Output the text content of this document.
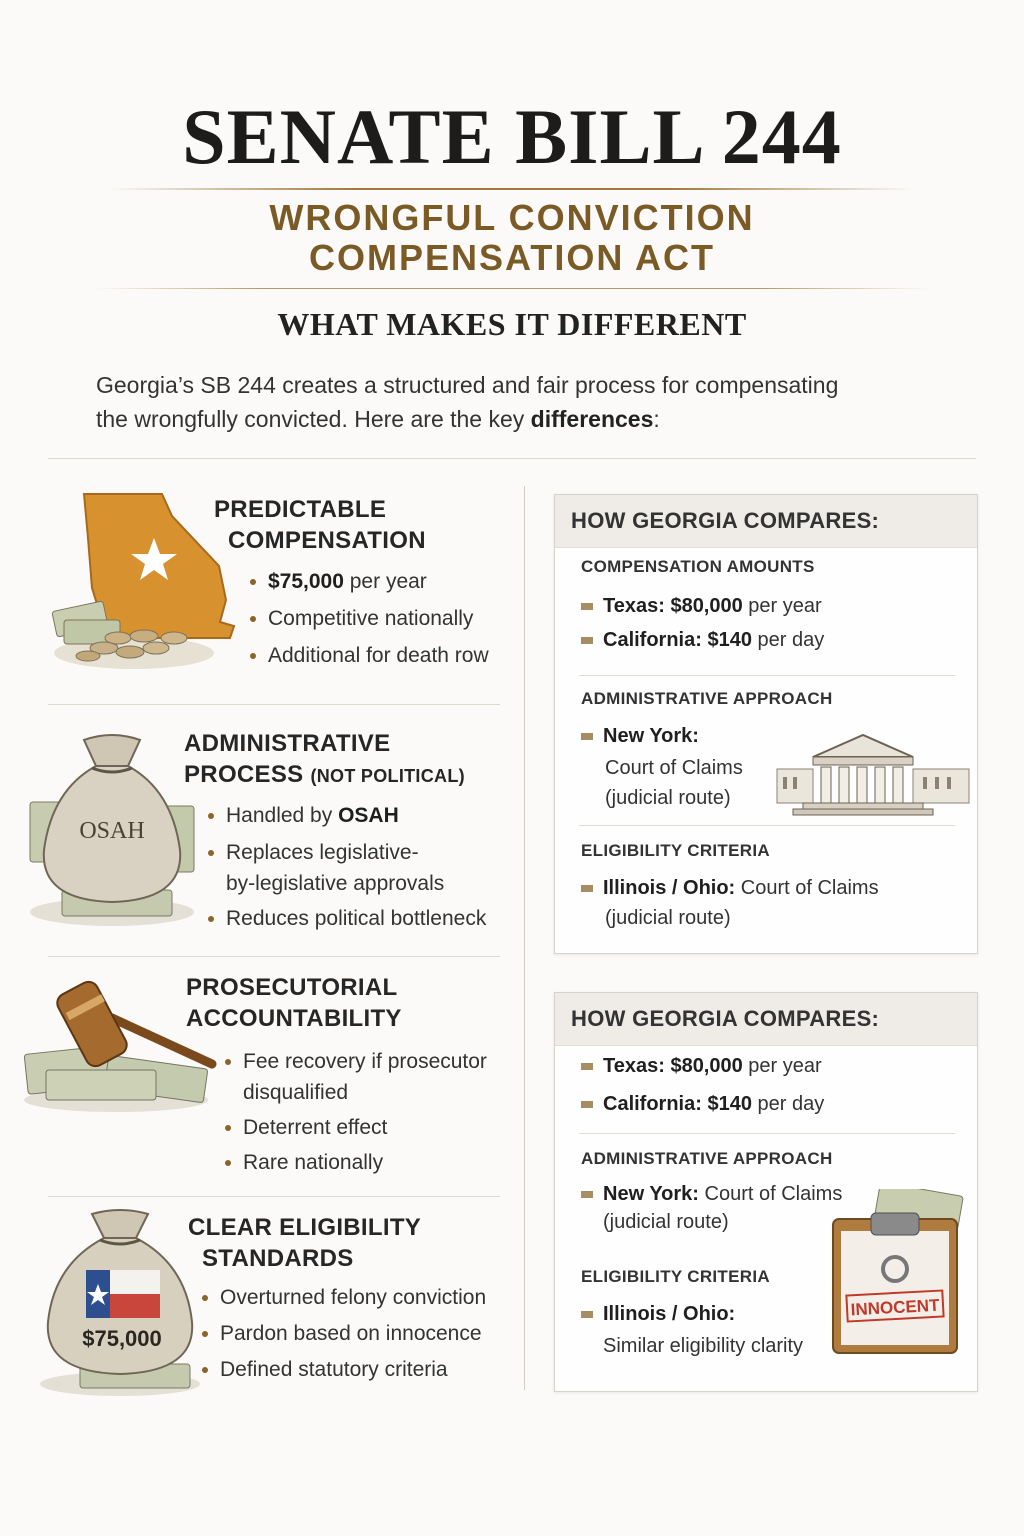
SENATE BILL 244
WRONGFUL CONVICTION
COMPENSATION ACT
WHAT MAKES IT DIFFERENT
Georgia’s SB 244 creates a structured and fair process for compensating
the wrongfully convicted. Here are the key differences:
PREDICTABLE
COMPENSATION
$75,000 per year
Competitive nationally
Additional for death row
OSAH
ADMINISTRATIVE
PROCESS (NOT POLITICAL)
Handled by OSAH
Replaces legislative-
by-legislative approvals
Reduces political bottleneck
PROSECUTORIAL
ACCOUNTABILITY
Fee recovery if prosecutor
disqualified
Deterrent effect
Rare nationally
$75,000
CLEAR ELIGIBILITY
STANDARDS
Overturned felony conviction
Pardon based on innocence
Defined statutory criteria
HOW GEORGIA COMPARES:
COMPENSATION AMOUNTS
Texas: $80,000 per year
California: $140 per day
ADMINISTRATIVE APPROACH
New York:
Court of Claims
(judicial route)
ELIGIBILITY CRITERIA
Illinois / Ohio: Court of Claims
(judicial route)
HOW GEORGIA COMPARES:
Texas: $80,000 per year
California: $140 per day
ADMINISTRATIVE APPROACH
New York: Court of Claims
(judicial route)
ELIGIBILITY CRITERIA
Illinois / Ohio:
Similar eligibility clarity
INNOCENT
